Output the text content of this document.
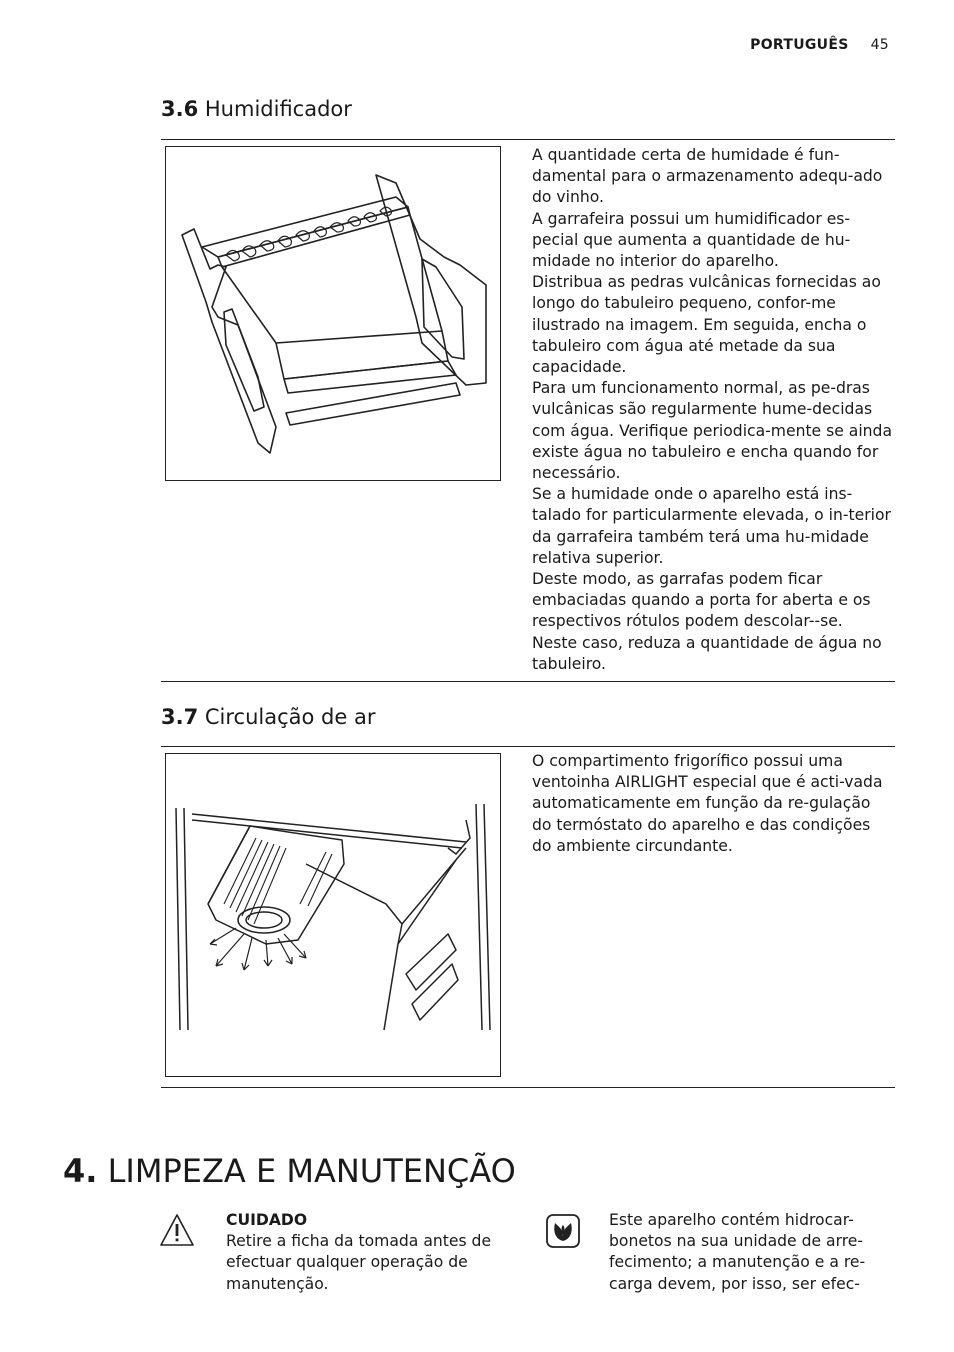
PORTUGUÊS 45
3.6 Humidificador

A quantidade certa de humidade é fun-damental para o armazenamento adequ-ado do vinho.

A garrafeira possui um humidificador es-pecial que aumenta a quantidade de hu-midade no interior do aparelho.

Distribua as pedras vulcânicas fornecidas ao longo do tabuleiro pequeno, confor-me ilustrado na imagem. Em seguida, encha o tabuleiro com água até metade da sua capacidade.

Para um funcionamento normal, as pe-dras vulcânicas são regularmente hume-decidas com água. Verifique periodica-mente se ainda existe água no tabuleiro e encha quando for necessário.

Se a humidade onde o aparelho está ins-talado for particularmente elevada, o in-terior da garrafeira também terá uma hu-midade relativa superior.

Deste modo, as garrafas podem ficar embaciadas quando a porta for aberta e os respectivos rótulos podem descolar--se. Neste caso, reduza a quantidade de água no tabuleiro.

3.7 Circulação de ar

O compartimento frigorífico possui uma ventoinha AIRLIGHT especial que é acti-vada automaticamente em função da re-gulação do termóstato do aparelho e das condições do ambiente circundante.

4. LIMPEZA E MANUTENÇÃO

CUIDADO

Retire a ficha da tomada antes de efectuar qualquer operação de manutenção.

Este aparelho contém hidrocar-bonetos na sua unidade de arre-fecimento; a manutenção e a re-carga devem, por isso, ser efec-
